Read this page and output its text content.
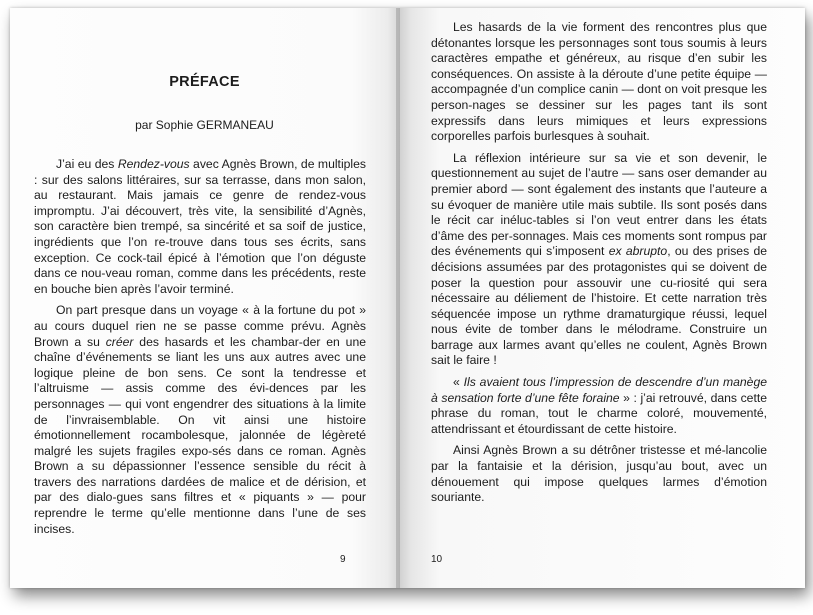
PRÉFACE
par Sophie GERMANEAU

J’ai eu des Rendez-vous avec Agnès Brown, de multiples : sur des salons littéraires, sur sa terrasse, dans mon salon, au restaurant. Mais jamais ce genre de rendez-vous impromptu. J’ai découvert, très vite, la sensibilité d’Agnès, son caractère bien trempé, sa sincérité et sa soif de justice, ingrédients que l’on re-trouve dans tous ses écrits, sans exception. Ce cock-tail épicé à l’émotion que l’on déguste dans ce nou-veau roman, comme dans les précédents, reste en bouche bien après l’avoir terminé.

On part presque dans un voyage « à la fortune du pot » au cours duquel rien ne se passe comme prévu. Agnès Brown a su créer des hasards et les chambar-der en une chaîne d’événements se liant les uns aux autres avec une logique pleine de bon sens. Ce sont la tendresse et l’altruisme — assis comme des évi-dences par les personnages — qui vont engendrer des situations à la limite de l’invraisemblable. On vit ainsi une histoire émotionnellement rocambolesque, jalonnée de légèreté malgré les sujets fragiles expo-sés dans ce roman. Agnès Brown a su dépassionner l’essence sensible du récit à travers des narrations dardées de malice et de dérision, et par des dialo-gues sans filtres et « piquants » — pour reprendre le terme qu’elle mentionne dans l’une de ses incises.

9

Les hasards de la vie forment des rencontres plus que détonantes lorsque les personnages sont tous soumis à leurs caractères empathe et généreux, au risque d’en subir les conséquences. On assiste à la déroute d’une petite équipe — accompagnée d’un complice canin — dont on voit presque les person-nages se dessiner sur les pages tant ils sont expressifs dans leurs mimiques et leurs expressions corporelles parfois burlesques à souhait.

La réflexion intérieure sur sa vie et son devenir, le questionnement au sujet de l’autre — sans oser demander au premier abord — sont également des instants que l’auteure a su évoquer de manière utile mais subtile. Ils sont posés dans le récit car inéluc-tables si l’on veut entrer dans les états d’âme des per-sonnages. Mais ces moments sont rompus par des événements qui s’imposent ex abrupto, ou des prises de décisions assumées par des protagonistes qui se doivent de poser la question pour assouvir une cu-riosité qui sera nécessaire au déliement de l’histoire. Et cette narration très séquencée impose un rythme dramaturgique réussi, lequel nous évite de tomber dans le mélodrame. Construire un barrage aux larmes avant qu’elles ne coulent, Agnès Brown sait le faire !

« Ils avaient tous l’impression de descendre d’un manège à sensation forte d’une fête foraine » : j’ai retrouvé, dans cette phrase du roman, tout le charme coloré, mouvementé, attendrissant et étourdissant de cette histoire.

Ainsi Agnès Brown a su détrôner tristesse et mé-lancolie par la fantaisie et la dérision, jusqu’au bout, avec un dénouement qui impose quelques larmes d’émotion souriante.

10
